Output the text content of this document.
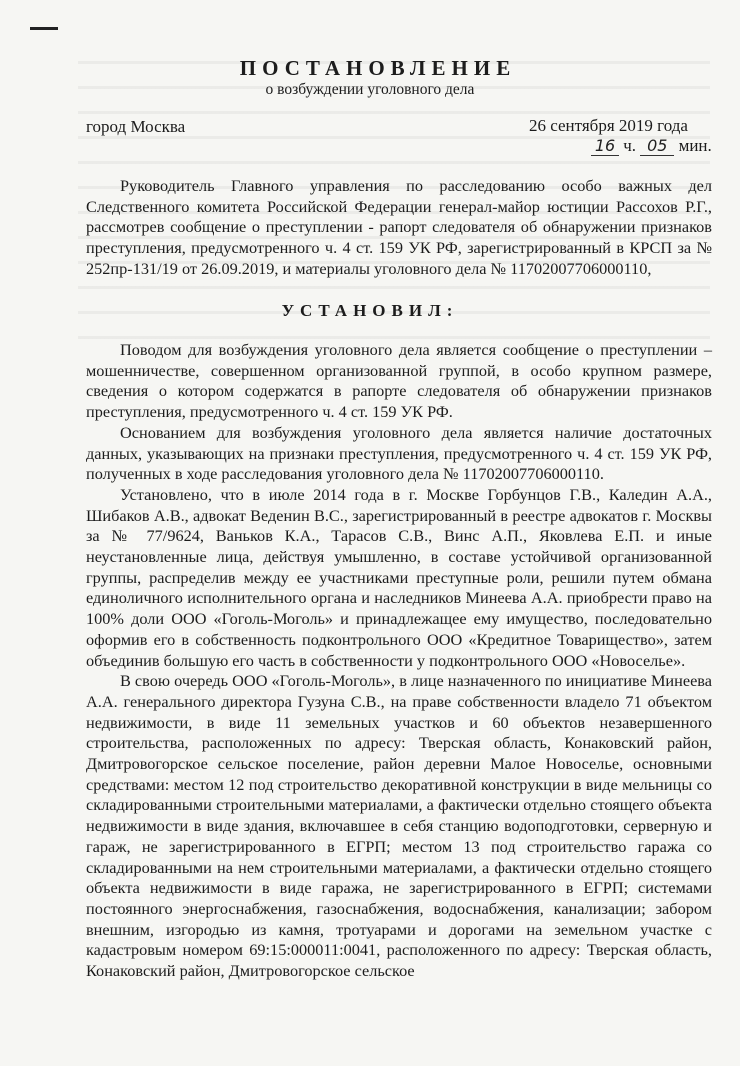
ПОСТАНОВЛЕНИЕ
о возбуждении уголовного дела
город Москва	26 сентября 2019 года
16 ч. 05 мин.

Руководитель Главного управления по расследованию особо важных дел Следственного комитета Российской Федерации генерал-майор юстиции Рассохов Р.Г., рассмотрев сообщение о преступлении - рапорт следователя об обнаружении признаков преступления, предусмотренного ч. 4 ст. 159 УК РФ, зарегистрированный в КРСП за № 252пр-131/19 от 26.09.2019, и материалы уголовного дела № 11702007706000110,

УСТАНОВИЛ:

Поводом для возбуждения уголовного дела является сообщение о преступлении – мошенничестве, совершенном организованной группой, в особо крупном размере, сведения о котором содержатся в рапорте следователя об обнаружении признаков преступления, предусмотренного ч. 4 ст. 159 УК РФ.

Основанием для возбуждения уголовного дела является наличие достаточных данных, указывающих на признаки преступления, предусмотренного ч. 4 ст. 159 УК РФ, полученных в ходе расследования уголовного дела № 11702007706000110.

Установлено, что в июле 2014 года в г. Москве Горбунцов Г.В., Каледин А.А., Шибаков А.В., адвокат Веденин В.С., зарегистрированный в реестре адвокатов г. Москвы за № 77/9624, Ваньков К.А., Тарасов С.В., Винс А.П., Яковлева Е.П. и иные неустановленные лица, действуя умышленно, в составе устойчивой организованной группы, распределив между ее участниками преступные роли, решили путем обмана единоличного исполнительного органа и наследников Минеева А.А. приобрести право на 100% доли ООО «Гоголь-Моголь» и принадлежащее ему имущество, последовательно оформив его в собственность подконтрольного ООО «Кредитное Товарищество», затем объединив большую его часть в собственности у подконтрольного ООО «Новоселье».

В свою очередь ООО «Гоголь-Моголь», в лице назначенного по инициативе Минеева А.А. генерального директора Гузуна С.В., на праве собственности владело 71 объектом недвижимости, в виде 11 земельных участков и 60 объектов незавершенного строительства, расположенных по адресу: Тверская область, Конаковский район, Дмитровогорское сельское поселение, район деревни Малое Новоселье, основными средствами: местом 12 под строительство декоративной конструкции в виде мельницы со складированными строительными материалами, а фактически отдельно стоящего объекта недвижимости в виде здания, включавшее в себя станцию водоподготовки, серверную и гараж, не зарегистрированного в ЕГРП; местом 13 под строительство гаража со складированными на нем строительными материалами, а фактически отдельно стоящего объекта недвижимости в виде гаража, не зарегистрированного в ЕГРП; системами постоянного энергоснабжения, газоснабжения, водоснабжения, канализации; забором внешним, изгородью из камня, тротуарами и дорогами на земельном участке с кадастровым номером 69:15:000011:0041, расположенного по адресу: Тверская область, Конаковский район, Дмитровогорское сельское
